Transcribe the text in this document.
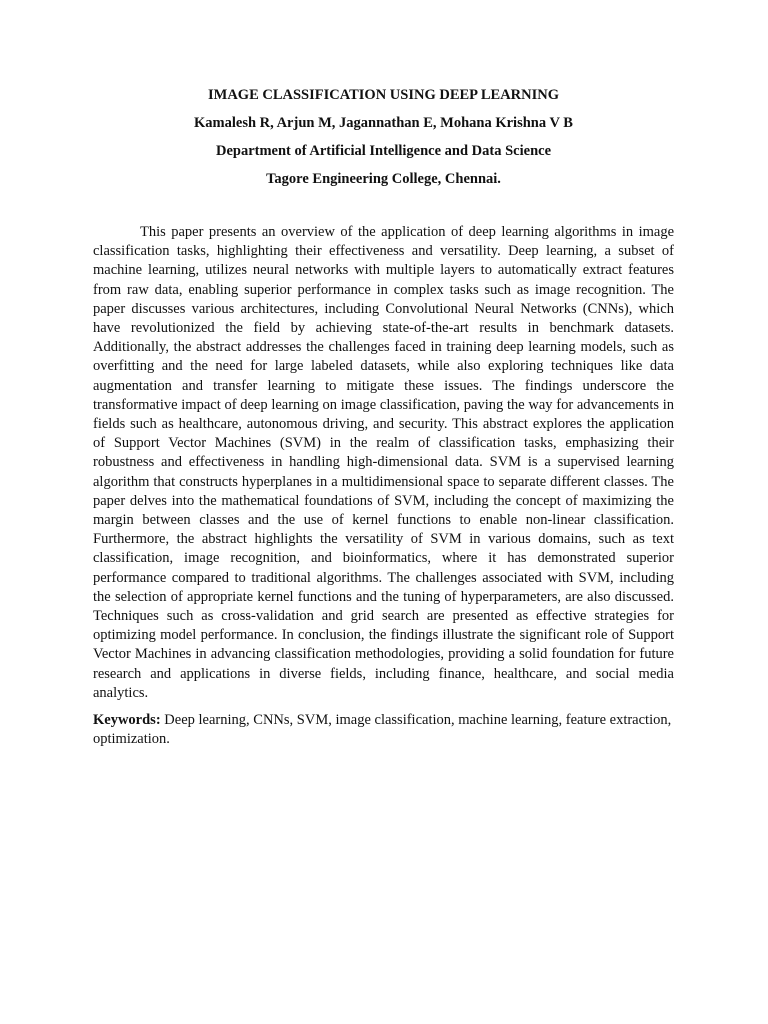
IMAGE CLASSIFICATION USING DEEP LEARNING
Kamalesh R, Arjun M, Jagannathan E, Mohana Krishna V B
Department of Artificial Intelligence and Data Science
Tagore Engineering College, Chennai.

This paper presents an overview of the application of deep learning algorithms in image classification tasks, highlighting their effectiveness and versatility. Deep learning, a subset of machine learning, utilizes neural networks with multiple layers to automatically extract features from raw data, enabling superior performance in complex tasks such as image recognition. The paper discusses various architectures, including Convolutional Neural Networks (CNNs), which have revolutionized the field by achieving state-of-the-art results in benchmark datasets. Additionally, the abstract addresses the challenges faced in training deep learning models, such as overfitting and the need for large labeled datasets, while also exploring techniques like data augmentation and transfer learning to mitigate these issues. The findings underscore the transformative impact of deep learning on image classification, paving the way for advancements in fields such as healthcare, autonomous driving, and security. This abstract explores the application of Support Vector Machines (SVM) in the realm of classification tasks, emphasizing their robustness and effectiveness in handling high-dimensional data. SVM is a supervised learning algorithm that constructs hyperplanes in a multidimensional space to separate different classes. The paper delves into the mathematical foundations of SVM, including the concept of maximizing the margin between classes and the use of kernel functions to enable non-linear classification. Furthermore, the abstract highlights the versatility of SVM in various domains, such as text classification, image recognition, and bioinformatics, where it has demonstrated superior performance compared to traditional algorithms. The challenges associated with SVM, including the selection of appropriate kernel functions and the tuning of hyperparameters, are also discussed. Techniques such as cross-validation and grid search are presented as effective strategies for optimizing model performance. In conclusion, the findings illustrate the significant role of Support Vector Machines in advancing classification methodologies, providing a solid foundation for future research and applications in diverse fields, including finance, healthcare, and social media analytics.

Keywords: Deep learning, CNNs, SVM, image classification, machine learning, feature extraction, optimization.
